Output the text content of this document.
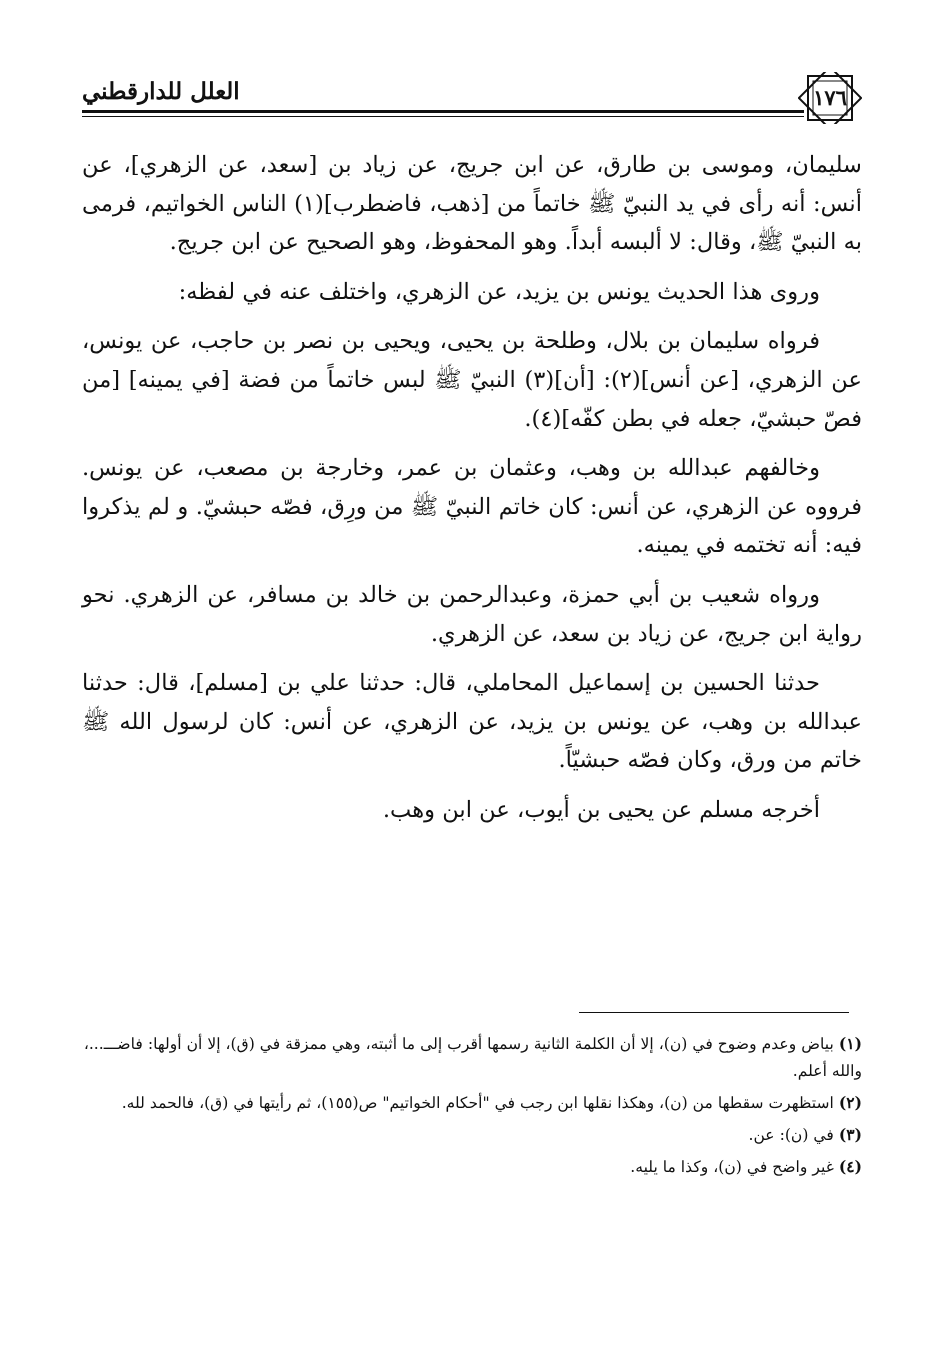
١٧٦
العلل للدارقطني

سليمان، وموسى بن طارق، عن ابن جريج، عن زياد بن [سعد، عن الزهري]، عن أنس: أنه رأى في يد النبيّ ﷺ خاتماً من [ذهب، فاضطرب](١) الناس الخواتيم، فرمى به النبيّ ﷺ، وقال: لا ألبسه أبداً. وهو المحفوظ، وهو الصحيح عن ابن جريج.

وروى هذا الحديث يونس بن يزيد، عن الزهري، واختلف عنه في لفظه:

فرواه سليمان بن بلال، وطلحة بن يحيى، ويحيى بن نصر بن حاجب، عن يونس، عن الزهري، [عن أنس](٢): [أن](٣) النبيّ ﷺ لبس خاتماً من فضة [في يمينه] [من فصّ حبشيّ، جعله في بطن كفّه](٤).

وخالفهم عبدالله بن وهب، وعثمان بن عمر، وخارجة بن مصعب، عن يونس. فرووه عن الزهري، عن أنس: كان خاتم النبيّ ﷺ من ورِق، فصّه حبشيّ. و لم يذكروا فيه: أنه تختمه في يمينه.

ورواه شعيب بن أبي حمزة، وعبدالرحمن بن خالد بن مسافر، عن الزهري. نحو رواية ابن جريج، عن زياد بن سعد، عن الزهري.

حدثنا الحسين بن إسماعيل المحاملي، قال: حدثنا علي بن [مسلم]، قال: حدثنا عبدالله بن وهب، عن يونس بن يزيد، عن الزهري، عن أنس: كان لرسول الله ﷺ خاتم من ورق، وكان فصّه حبشيّاً.

أخرجه مسلم عن يحيى بن أيوب، عن ابن وهب.

(١) بياض وعدم وضوح في (ن)، إلا أن الكلمة الثانية رسمها أقرب إلى ما أثبته، وهي ممزقة في (ق)، إلا أن أولها: فاضـــ...، والله أعلم.

(٢) استظهرت سقطها من (ن)، وهكذا نقلها ابن رجب في "أحكام الخواتيم" ص(١٥٥)، ثم رأيتها في (ق)، فالحمد لله.

(٣) في (ن): عن.

(٤) غير واضح في (ن)، وكذا ما يليه.
